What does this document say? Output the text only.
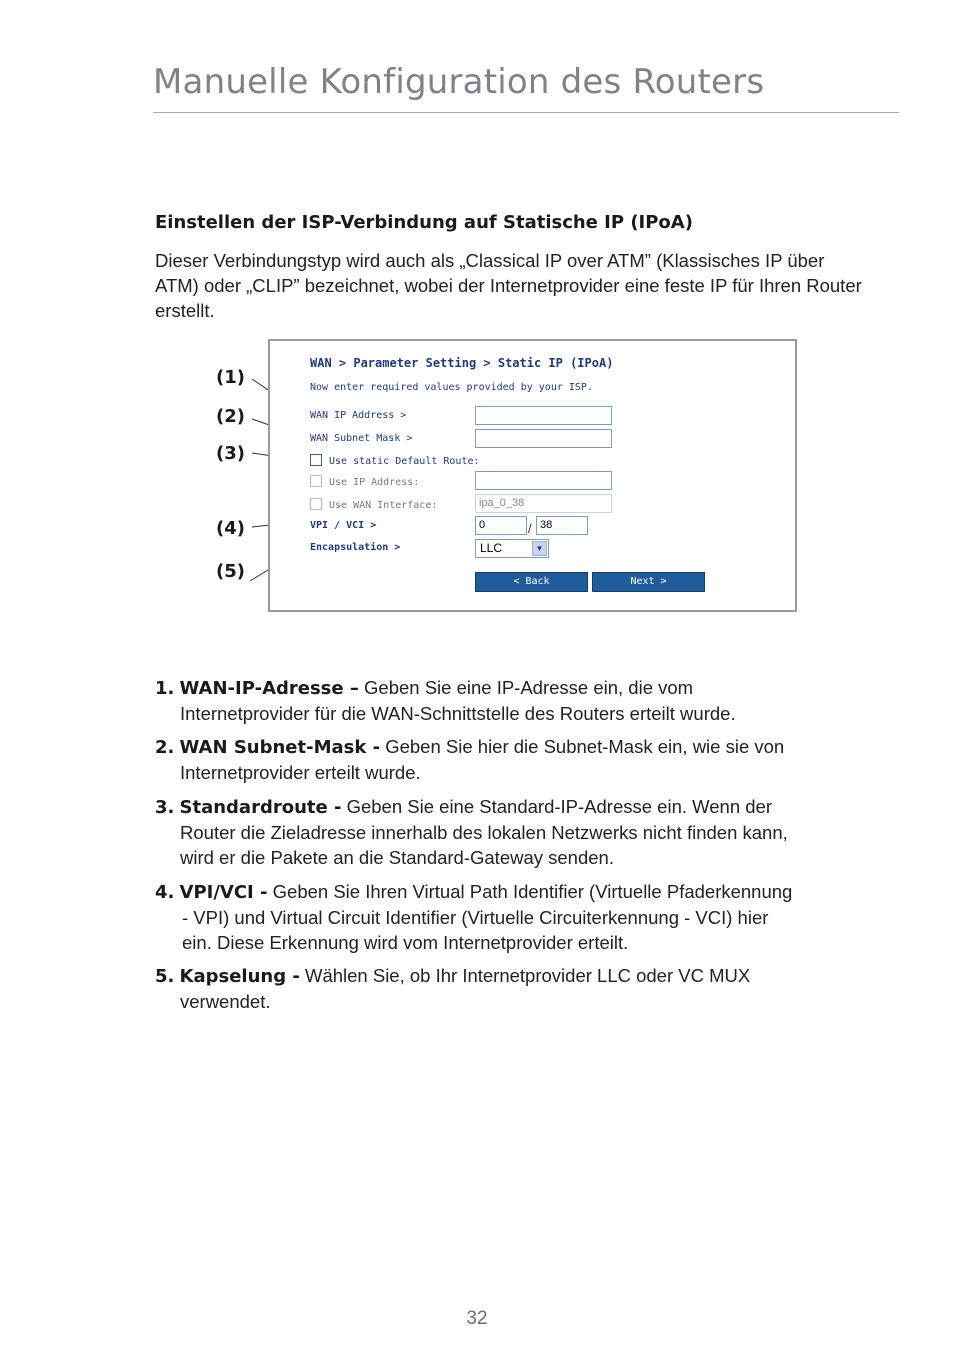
Manuelle Konfiguration des Routers
Einstellen der ISP-Verbindung auf Statische IP (IPoA)
Dieser Verbindungstyp wird auch als „Classical IP over ATM” (Klassisches IP über ATM) oder „CLIP” bezeichnet, wobei der Internetprovider eine feste IP für Ihren Router erstellt.
(1)
(2)
(3)
(4)
(5)
WAN > Parameter Setting > Static IP (IPoA)
Now enter required values provided by your ISP.
WAN IP Address >
WAN Subnet Mask >
Use static Default Route:
Use IP Address:
Use WAN Interface:	ipa_0_38
VPI / VCI >	0	/ 38
Encapsulation >	LLC	▼
< Back	Next >
1. WAN-IP-Adresse – Geben Sie eine IP-Adresse ein, die vom
Internetprovider für die WAN-Schnittstelle des Routers erteilt wurde.
2. WAN Subnet-Mask - Geben Sie hier die Subnet-Mask ein, wie sie von
Internetprovider erteilt wurde.
3. Standardroute - Geben Sie eine Standard-IP-Adresse ein. Wenn der
Router die Zieladresse innerhalb des lokalen Netzwerks nicht finden kann,
wird er die Pakete an die Standard-Gateway senden.
4. VPI/VCI - Geben Sie Ihren Virtual Path Identifier (Virtuelle Pfaderkennung
- VPI) und Virtual Circuit Identifier (Virtuelle Circuiterkennung - VCI) hier
ein. Diese Erkennung wird vom Internetprovider erteilt.
5. Kapselung - Wählen Sie, ob Ihr Internetprovider LLC oder VC MUX
verwendet.
32
